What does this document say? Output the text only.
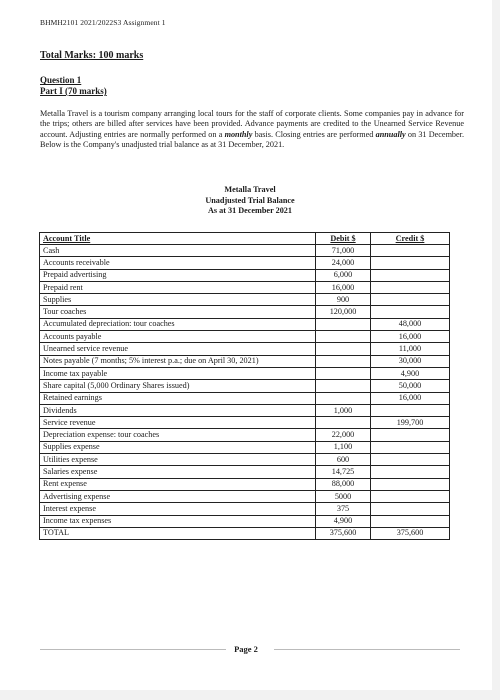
BHMH2101 2021/2022S3 Assignment 1
Total Marks: 100 marks
Question 1
Part I (70 marks)

Metalla Travel is a tourism company arranging local tours for the staff of corporate clients. Some companies pay in advance for the trips; others are billed after services have been provided. Advance payments are credited to the Unearned Service Revenue account. Adjusting entries are normally performed on a monthly basis. Closing entries are performed annually on 31 December. Below is the Company's unadjusted trial balance as at 31 December, 2021.

Metalla Travel
Unadjusted Trial Balance
As at 31 December 2021
Account Title	Debit $	Credit $
Cash	71,000	
Accounts receivable	24,000	
Prepaid advertising	6,000	
Prepaid rent	16,000	
Supplies	900	
Tour coaches	120,000	
Accumulated depreciation: tour coaches		48,000
Accounts payable		16,000
Unearned service revenue		11,000
Notes payable (7 months; 5% interest p.a.; due on April 30, 2021)		30,000
Income tax payable		4,900
Share capital (5,000 Ordinary Shares issued)		50,000
Retained earnings		16,000
Dividends	1,000	
Service revenue		199,700
Depreciation expense: tour coaches	22,000	
Supplies expense	1,100	
Utilities expense	600	
Salaries expense	14,725	
Rent expense	88,000	
Advertising expense	5000	
Interest expense	375	
Income tax expenses	4,900	
TOTAL	375,600	375,600
Page 2
